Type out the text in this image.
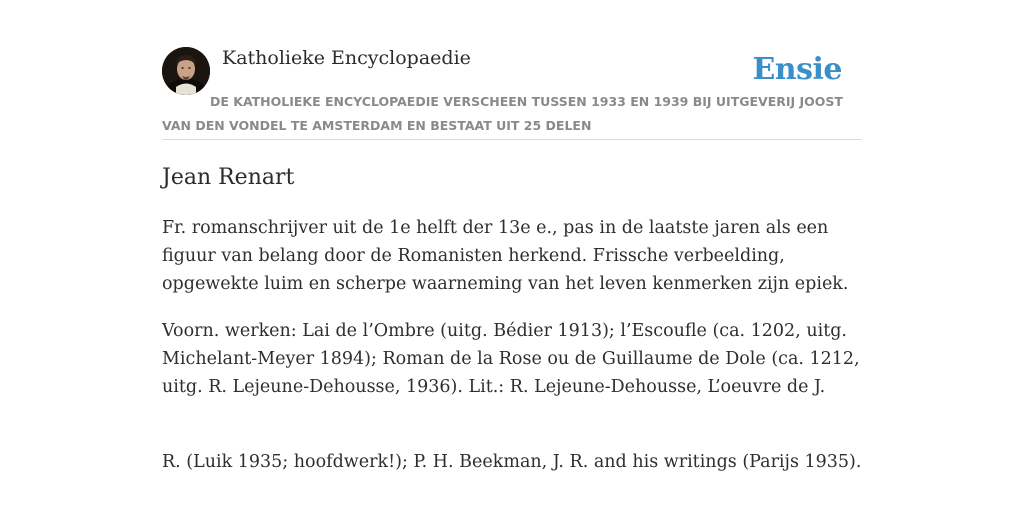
Katholieke Encyclopaedie	Ensie
DE KATHOLIEKE ENCYCLOPAEDIE VERSCHEEN TUSSEN 1933 EN 1939 BIJ UITGEVERIJ JOOST VAN DEN VONDEL TE AMSTERDAM EN BESTAAT UIT 25 DELEN
Jean Renart

Fr. romanschrijver uit de 1e helft der 13e e., pas in de laatste jaren als een figuur van belang door de Romanisten herkend. Frissche verbeelding, opgewekte luim en scherpe waarneming van het leven kenmerken zijn epiek.

Voorn. werken: Lai de l’Ombre (uitg. Bédier 1913); l’Escoufle (ca. 1202, uitg. Michelant-Meyer 1894); Roman de la Rose ou de Guillaume de Dole (ca. 1212, uitg. R. Lejeune-Dehousse, 1936). Lit.: R. Lejeune-Dehousse, L’oeuvre de J.

R. (Luik 1935; hoofdwerk!); P. H. Beekman, J. R. and his writings (Parijs 1935).
